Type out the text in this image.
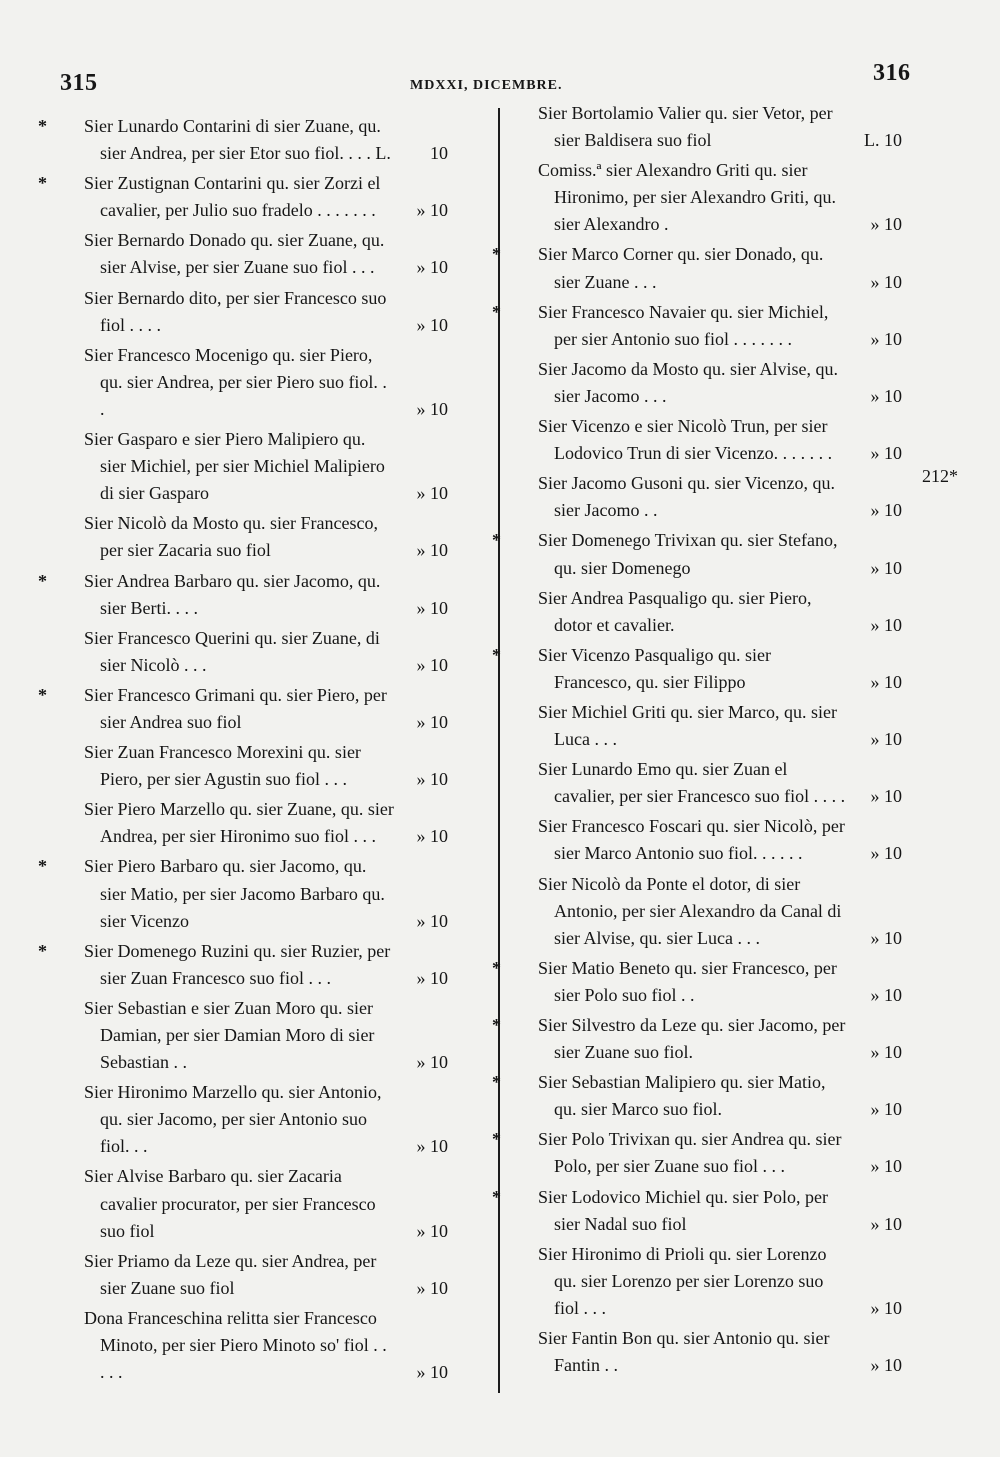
315	MDXXI, DICEMBRE.	316
* Sier Lunardo Contarini di sier Zuane, qu. sier Andrea, per sier Etor suo fiol. . . . L. 10
* Sier Zustignan Contarini qu. sier Zorzi el cavalier, per Julio suo fradelo . . . . . . . » 10
Sier Bernardo Donado qu. sier Zuane, qu. sier Alvise, per sier Zuane suo fiol . . . » 10
Sier Bernardo dito, per sier Francesco suo fiol . . . .	» 10
Sier Francesco Mocenigo qu. sier Piero, qu. sier Andrea, per sier Piero suo fiol. . .	» 10
Sier Gasparo e sier Piero Malipiero qu. sier Michiel, per sier Michiel Malipiero di sier Gasparo	» 10
Sier Nicolò da Mosto qu. sier Francesco, per sier Zacaria suo fiol	» 10
* Sier Andrea Barbaro qu. sier Jacomo, qu. sier Berti. . . .	» 10
Sier Francesco Querini qu. sier Zuane, di sier Nicolò . . .	» 10
* Sier Francesco Grimani qu. sier Piero, per sier Andrea suo fiol	» 10
Sier Zuan Francesco Morexini qu. sier Piero, per sier Agustin suo fiol . . .	» 10
Sier Piero Marzello qu. sier Zuane, qu. sier Andrea, per sier Hironimo suo fiol . . . » 10
* Sier Piero Barbaro qu. sier Jacomo, qu. sier Matio, per sier Jacomo Barbaro qu. sier Vicenzo	» 10
* Sier Domenego Ruzini qu. sier Ruzier, per sier Zuan Francesco suo fiol . . .	» 10
Sier Sebastian e sier Zuan Moro qu. sier Damian, per sier Damian Moro di sier Sebastian . .	» 10
Sier Hironimo Marzello qu. sier Antonio, qu. sier Jacomo, per sier Antonio suo fiol. . .	» 10
Sier Alvise Barbaro qu. sier Zacaria cavalier procurator, per sier Francesco suo fiol	» 10
Sier Priamo da Leze qu. sier Andrea, per sier Zuane suo fiol	» 10
Dona Franceschina relitta sier Francesco Minoto, per sier Piero Minoto so' fiol . . . . .	» 10
Sier Bortolamio Valier qu. sier Vetor, per sier Baldisera suo fiol	L. 10
Comiss.ª sier Alexandro Griti qu. sier Hironimo, per sier Alexandro Griti, qu. sier Alexandro .	» 10
* Sier Marco Corner qu. sier Donado, qu. sier Zuane . . .	» 10
* Sier Francesco Navaier qu. sier Michiel, per sier Antonio suo fiol . . . . . . .	» 10
Sier Jacomo da Mosto qu. sier Alvise, qu. sier Jacomo . . .	» 10
Sier Vicenzo e sier Nicolò Trun, per sier Lodovico Trun di sier Vicenzo. . . . . . . » 10
Sier Jacomo Gusoni qu. sier Vicenzo, qu. sier Jacomo . .	» 10
* Sier Domenego Trivixan qu. sier Stefano, qu. sier Domenego	» 10
Sier Andrea Pasqualigo qu. sier Piero, dotor et cavalier.	» 10
* Sier Vicenzo Pasqualigo qu. sier Francesco, qu. sier Filippo	» 10
Sier Michiel Griti qu. sier Marco, qu. sier Luca . . .	» 10
Sier Lunardo Emo qu. sier Zuan el cavalier, per sier Francesco suo fiol . . . . » 10
Sier Francesco Foscari qu. sier Nicolò, per sier Marco Antonio suo fiol. . . . . .	» 10
Sier Nicolò da Ponte el dotor, di sier Antonio, per sier Alexandro da Canal di sier Alvise, qu. sier Luca . . .	» 10
* Sier Matio Beneto qu. sier Francesco, per sier Polo suo fiol . .	» 10
* Sier Silvestro da Leze qu. sier Jacomo, per sier Zuane suo fiol.	» 10
* Sier Sebastian Malipiero qu. sier Matio, qu. sier Marco suo fiol.	» 10
* Sier Polo Trivixan qu. sier Andrea qu. sier Polo, per sier Zuane suo fiol . . .	» 10
* Sier Lodovico Michiel qu. sier Polo, per sier Nadal suo fiol	» 10
Sier Hironimo di Prioli qu. sier Lorenzo qu. sier Lorenzo per sier Lorenzo suo fiol . . .	» 10
Sier Fantin Bon qu. sier Antonio qu. sier Fantin . .	» 10
212*
